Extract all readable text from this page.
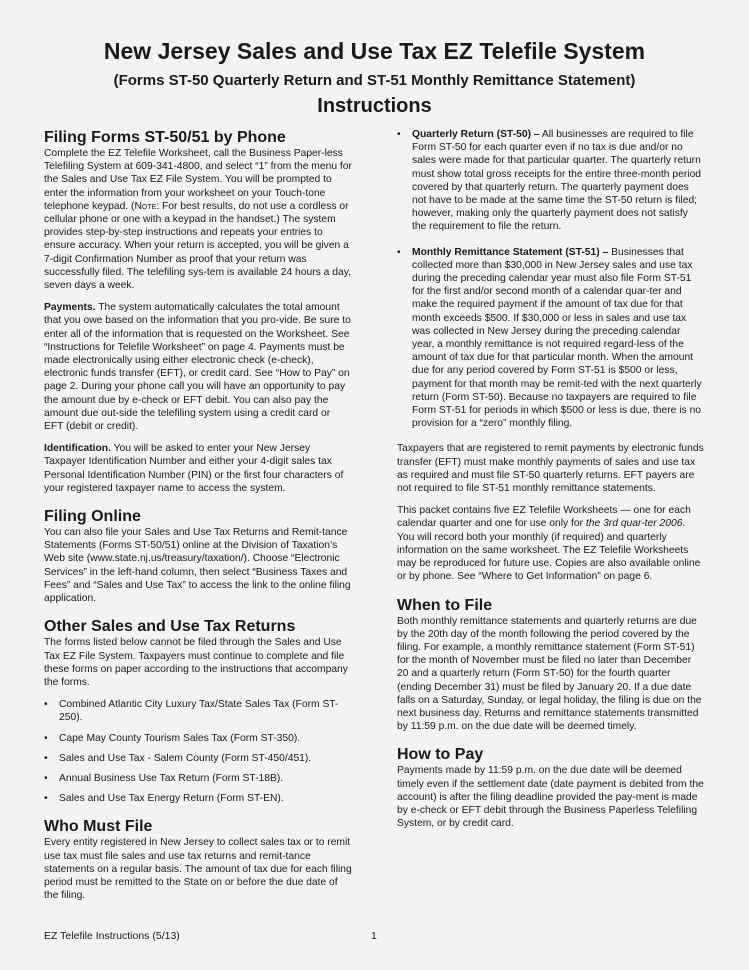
New Jersey Sales and Use Tax EZ Telefile System
(Forms ST-50 Quarterly Return and ST-51 Monthly Remittance Statement)
Instructions
Filing Forms ST-50/51 by Phone

Complete the EZ Telefile Worksheet, call the Business Paper-less Telefiling System at 609-341-4800, and select “1” from the menu for the Sales and Use Tax EZ File System. You will be prompted to enter the information from your worksheet on your Touch-tone telephone keypad. (Note: For best results, do not use a cordless or cellular phone or one with a keypad in the handset.) The system provides step-by-step instructions and repeats your entries to ensure accuracy. When your return is accepted, you will be given a 7-digit Confirmation Number as proof that your return was successfully filed. The telefiling sys-tem is available 24 hours a day, seven days a week.

Payments. The system automatically calculates the total amount that you owe based on the information that you pro-vide. Be sure to enter all of the information that is requested on the Worksheet. See “Instructions for Telefile Worksheet” on page 4. Payments must be made electronically using either electronic check (e-check), electronic funds transfer (EFT), or credit card. See “How to Pay” on page 2. During your phone call you will have an opportunity to pay the amount due by e-check or EFT debit. You can also pay the amount due out-side the telefiling system using a credit card or EFT (debit or credit).

Identification. You will be asked to enter your New Jersey Taxpayer Identification Number and either your 4-digit sales tax Personal Identification Number (PIN) or the first four characters of your registered taxpayer name to access the system.

Filing Online

You can also file your Sales and Use Tax Returns and Remit-tance Statements (Forms ST-50/51) online at the Division of Taxation’s Web site (www.state.nj.us/treasury/taxation/). Choose “Electronic Services” in the left-hand column, then select “Business Taxes and Fees” and “Sales and Use Tax” to access the link to the online filing application.

Other Sales and Use Tax Returns

The forms listed below cannot be filed through the Sales and Use Tax EZ File System. Taxpayers must continue to complete and file these forms on paper according to the instructions that accompany the forms.

• Combined Atlantic City Luxury Tax/State Sales Tax (Form ST-250).
• Cape May County Tourism Sales Tax (Form ST-350).
• Sales and Use Tax - Salem County (Form ST-450/451).
• Annual Business Use Tax Return (Form ST-18B).
• Sales and Use Tax Energy Return (Form ST-EN).
Who Must File

Every entity registered in New Jersey to collect sales tax or to remit use tax must file sales and use tax returns and remit-tance statements on a regular basis. The amount of tax due for each filing period must be remitted to the State on or before the due date of the filing.

• Quarterly Return (ST-50) – All businesses are required to file Form ST-50 for each quarter even if no tax is due and/or no sales were made for that particular quarter. The quarterly return must show total gross receipts for the entire three-month period covered by that quarterly return. The quarterly payment does not have to be made at the same time the ST-50 return is filed; however, making only the quarterly payment does not satisfy the requirement to file the return.
• Monthly Remittance Statement (ST-51) – Businesses that collected more than $30,000 in New Jersey sales and use tax during the preceding calendar year must also file Form ST-51 for the first and/or second month of a calendar quar-ter and make the required payment if the amount of tax due for that month exceeds $500. If $30,000 or less in sales and use tax was collected in New Jersey during the preceding calendar year, a monthly remittance is not required regard-less of the amount of tax due for that particular month. When the amount due for any period covered by Form ST-51 is $500 or less, payment for that month may be remit-ted with the next quarterly return (Form ST-50). Because no taxpayers are required to file Form ST-51 for periods in which $500 or less is due, there is no provision for a “zero” monthly filing.

Taxpayers that are registered to remit payments by electronic funds transfer (EFT) must make monthly payments of sales and use tax as required and must file ST-50 quarterly returns. EFT payers are not required to file ST-51 monthly remittance statements.

This packet contains five EZ Telefile Worksheets — one for each calendar quarter and one for use only for the 3rd quar-ter 2006. You will record both your monthly (if required) and quarterly information on the same worksheet. The EZ Telefile Worksheets may be reproduced for future use. Copies are also available online or by phone. See “Where to Get Information” on page 6.

When to File

Both monthly remittance statements and quarterly returns are due by the 20th day of the month following the period covered by the filing. For example, a monthly remittance statement (Form ST-51) for the month of November must be filed no later than December 20 and a quarterly return (Form ST-50) for the fourth quarter (ending December 31) must be filed by January 20. If a due date falls on a Saturday, Sunday, or legal holiday, the filing is due on the next business day. Returns and remittance statements transmitted by 11:59 p.m. on the due date will be deemed timely.

How to Pay

Payments made by 11:59 p.m. on the due date will be deemed timely even if the settlement date (date payment is debited from the account) is after the filing deadline provided the pay-ment is made by e-check or EFT debit through the Business Paperless Telefiling System, or by credit card.

EZ Telefile Instructions (5/13)	1
